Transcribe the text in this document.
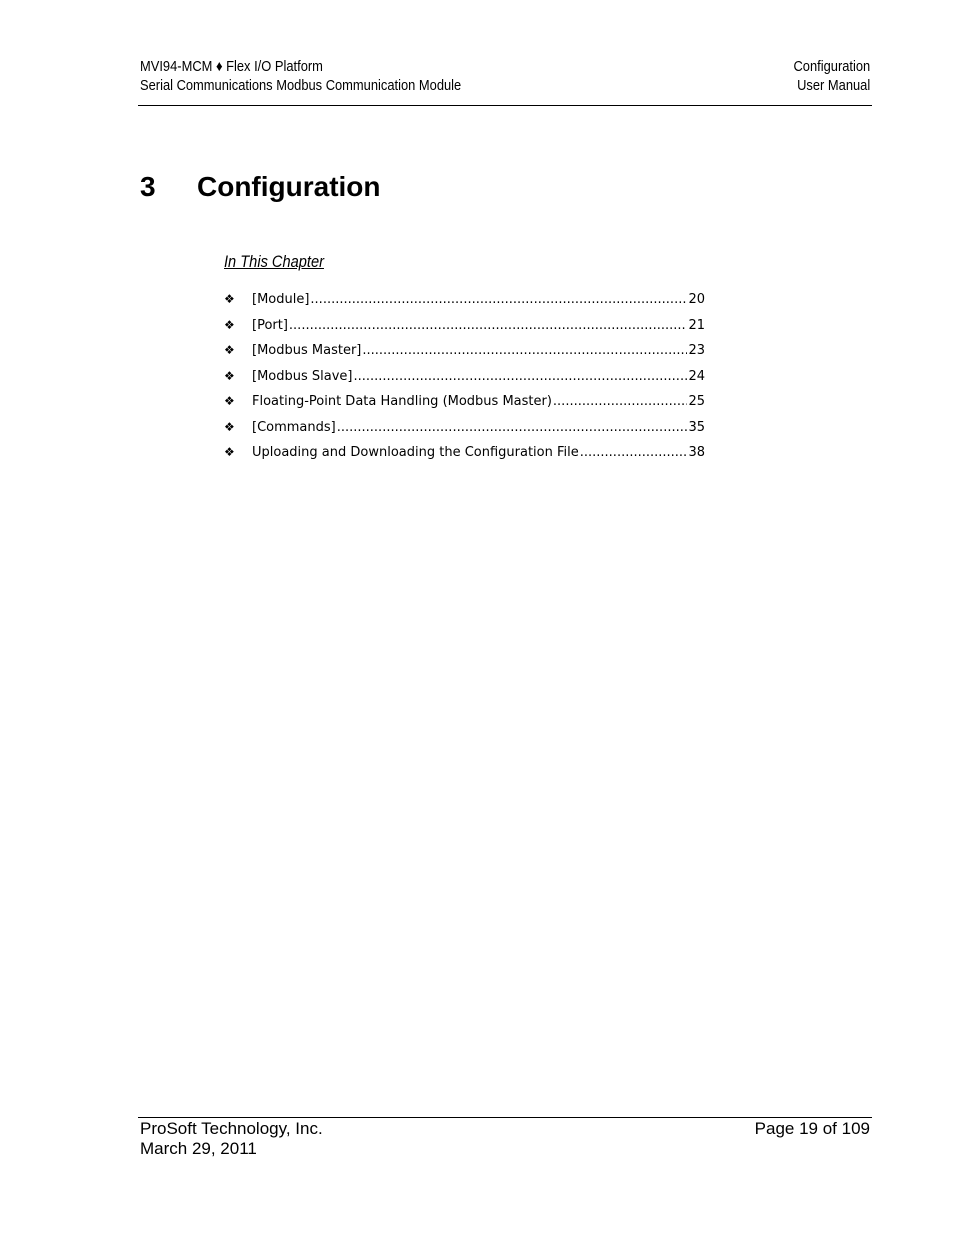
MVI94-MCM ♦ Flex I/O Platform
Serial Communications Modbus Communication Module
Configuration
User Manual
3 Configuration
In This Chapter
❖	[Module] .....	20
❖	[Port] .....	21
❖	[Modbus Master] .....	23
❖	[Modbus Slave] .....	24
❖	Floating-Point Data Handling (Modbus Master) .....	25
❖	[Commands] .....	35
❖	Uploading and Downloading the Configuration File .....	38
ProSoft Technology, Inc.
March 29, 2011
Page 19 of 109
